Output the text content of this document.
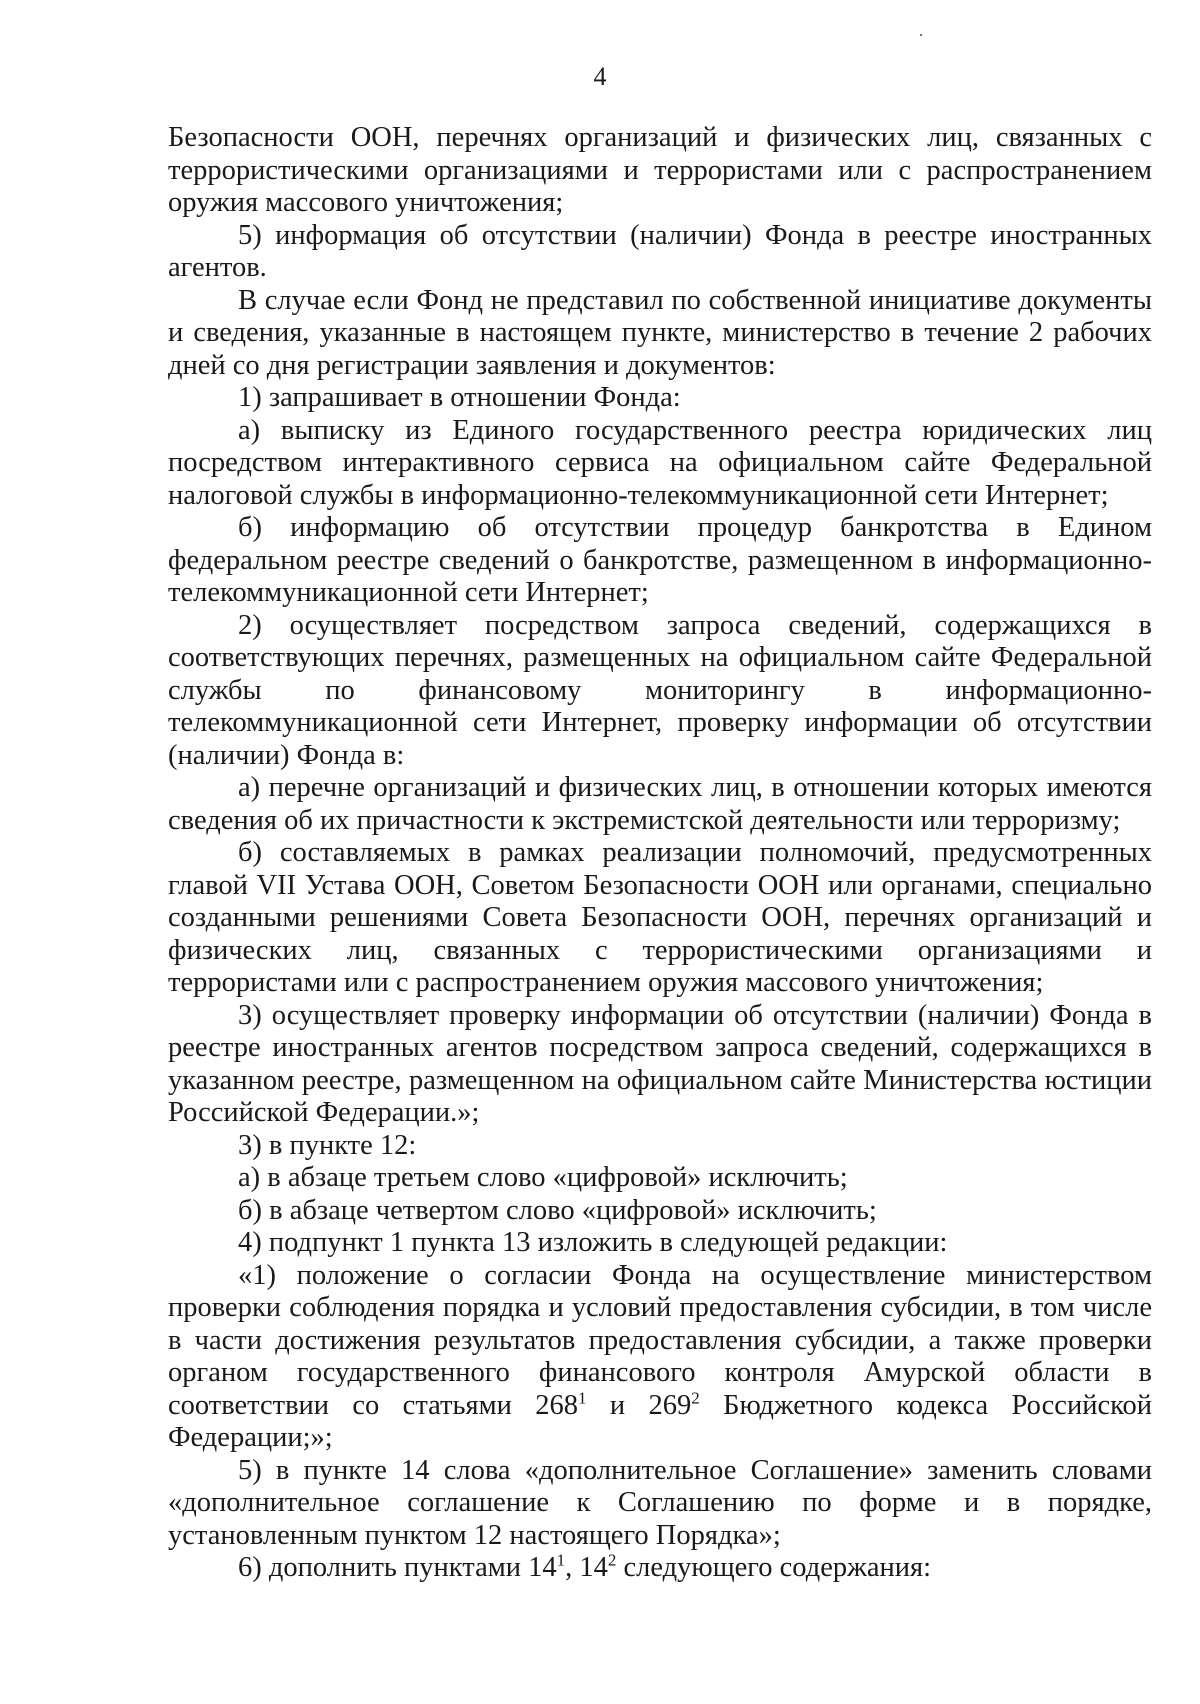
4

Безопасности ООН, перечнях организаций и физических лиц, связанных с террористическими организациями и террористами или с распространением оружия массового уничтожения;

5) информация об отсутствии (наличии) Фонда в реестре иностранных агентов.

В случае если Фонд не представил по собственной инициативе документы и сведения, указанные в настоящем пункте, министерство в течение 2 рабочих дней со дня регистрации заявления и документов:

1) запрашивает в отношении Фонда:

а) выписку из Единого государственного реестра юридических лиц посредством интерактивного сервиса на официальном сайте Федеральной налоговой службы в информационно-телекоммуникационной сети Интернет;

б) информацию об отсутствии процедур банкротства в Едином федеральном реестре сведений о банкротстве, размещенном в информационно-телекоммуникационной сети Интернет;

2) осуществляет посредством запроса сведений, содержащихся в соответствующих перечнях, размещенных на официальном сайте Федеральной службы по финансовому мониторингу в информационно-телекоммуникационной сети Интернет, проверку информации об отсутствии (наличии) Фонда в:

а) перечне организаций и физических лиц, в отношении которых имеются сведения об их причастности к экстремистской деятельности или терроризму;

б) составляемых в рамках реализации полномочий, предусмотренных главой VII Устава ООН, Советом Безопасности ООН или органами, специально созданными решениями Совета Безопасности ООН, перечнях организаций и физических лиц, связанных с террористическими организациями и террористами или с распространением оружия массового уничтожения;

3) осуществляет проверку информации об отсутствии (наличии) Фонда в реестре иностранных агентов посредством запроса сведений, содержащихся в указанном реестре, размещенном на официальном сайте Министерства юстиции Российской Федерации.»;

3) в пункте 12:

а) в абзаце третьем слово «цифровой» исключить;

б) в абзаце четвертом слово «цифровой» исключить;

4) подпункт 1 пункта 13 изложить в следующей редакции:

«1) положение о согласии Фонда на осуществление министерством проверки соблюдения порядка и условий предоставления субсидии, в том числе в части достижения результатов предоставления субсидии, а также проверки органом государственного финансового контроля Амурской области в соответствии со статьями $268^1$ и $269^2$ Бюджетного кодекса Российской Федерации;»;

5) в пункте 14 слова «дополнительное Соглашение» заменить словами «дополнительное соглашение к Соглашению по форме и в порядке, установленным пунктом 12 настоящего Порядка»;

6) дополнить пунктами $14^1$, $14^2$ следующего содержания:
